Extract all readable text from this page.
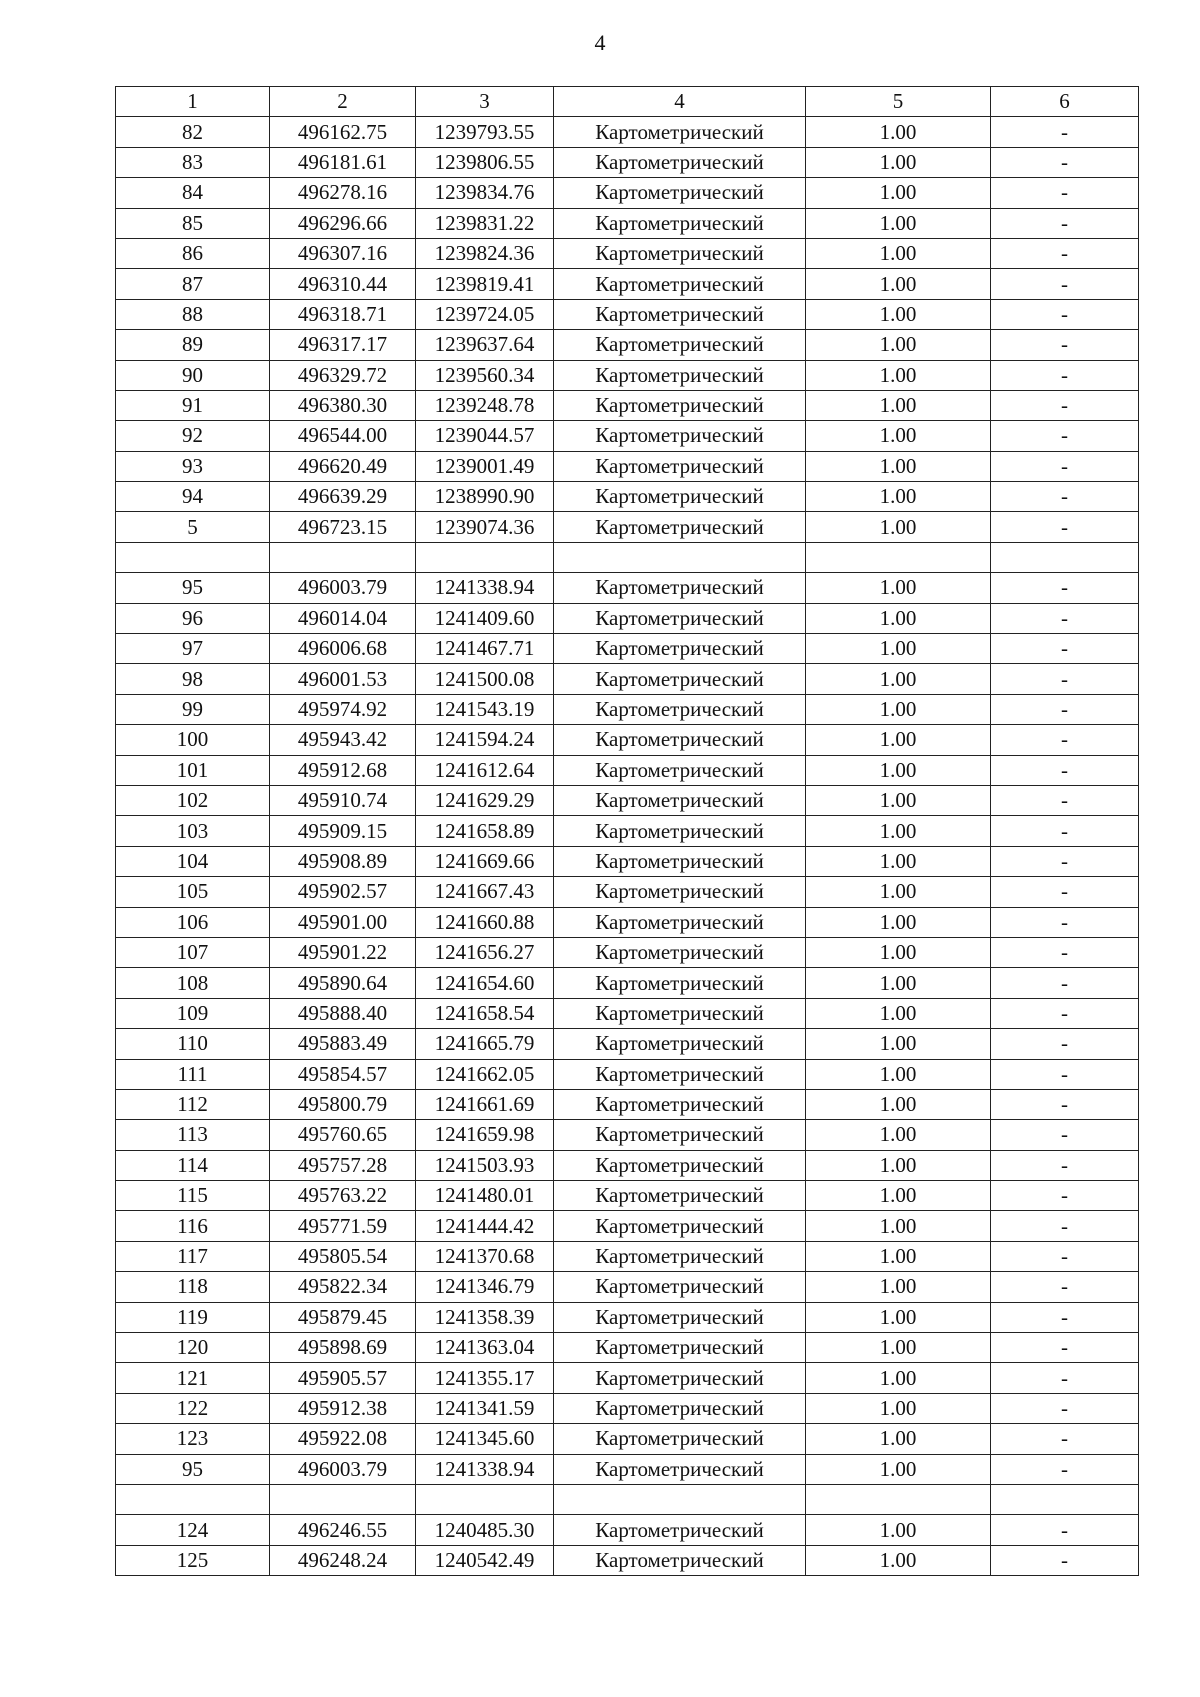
4
1	2	3	4	5	6
82	496162.75	1239793.55	Картометрический	1.00	-
83	496181.61	1239806.55	Картометрический	1.00	-
84	496278.16	1239834.76	Картометрический	1.00	-
85	496296.66	1239831.22	Картометрический	1.00	-
86	496307.16	1239824.36	Картометрический	1.00	-
87	496310.44	1239819.41	Картометрический	1.00	-
88	496318.71	1239724.05	Картометрический	1.00	-
89	496317.17	1239637.64	Картометрический	1.00	-
90	496329.72	1239560.34	Картометрический	1.00	-
91	496380.30	1239248.78	Картометрический	1.00	-
92	496544.00	1239044.57	Картометрический	1.00	-
93	496620.49	1239001.49	Картометрический	1.00	-
94	496639.29	1238990.90	Картометрический	1.00	-
5	496723.15	1239074.36	Картометрический	1.00	-

95	496003.79	1241338.94	Картометрический	1.00	-
96	496014.04	1241409.60	Картометрический	1.00	-
97	496006.68	1241467.71	Картометрический	1.00	-
98	496001.53	1241500.08	Картометрический	1.00	-
99	495974.92	1241543.19	Картометрический	1.00	-
100	495943.42	1241594.24	Картометрический	1.00	-
101	495912.68	1241612.64	Картометрический	1.00	-
102	495910.74	1241629.29	Картометрический	1.00	-
103	495909.15	1241658.89	Картометрический	1.00	-
104	495908.89	1241669.66	Картометрический	1.00	-
105	495902.57	1241667.43	Картометрический	1.00	-
106	495901.00	1241660.88	Картометрический	1.00	-
107	495901.22	1241656.27	Картометрический	1.00	-
108	495890.64	1241654.60	Картометрический	1.00	-
109	495888.40	1241658.54	Картометрический	1.00	-
110	495883.49	1241665.79	Картометрический	1.00	-
111	495854.57	1241662.05	Картометрический	1.00	-
112	495800.79	1241661.69	Картометрический	1.00	-
113	495760.65	1241659.98	Картометрический	1.00	-
114	495757.28	1241503.93	Картометрический	1.00	-
115	495763.22	1241480.01	Картометрический	1.00	-
116	495771.59	1241444.42	Картометрический	1.00	-
117	495805.54	1241370.68	Картометрический	1.00	-
118	495822.34	1241346.79	Картометрический	1.00	-
119	495879.45	1241358.39	Картометрический	1.00	-
120	495898.69	1241363.04	Картометрический	1.00	-
121	495905.57	1241355.17	Картометрический	1.00	-
122	495912.38	1241341.59	Картометрический	1.00	-
123	495922.08	1241345.60	Картометрический	1.00	-
95	496003.79	1241338.94	Картометрический	1.00	-

124	496246.55	1240485.30	Картометрический	1.00	-
125	496248.24	1240542.49	Картометрический	1.00	-
